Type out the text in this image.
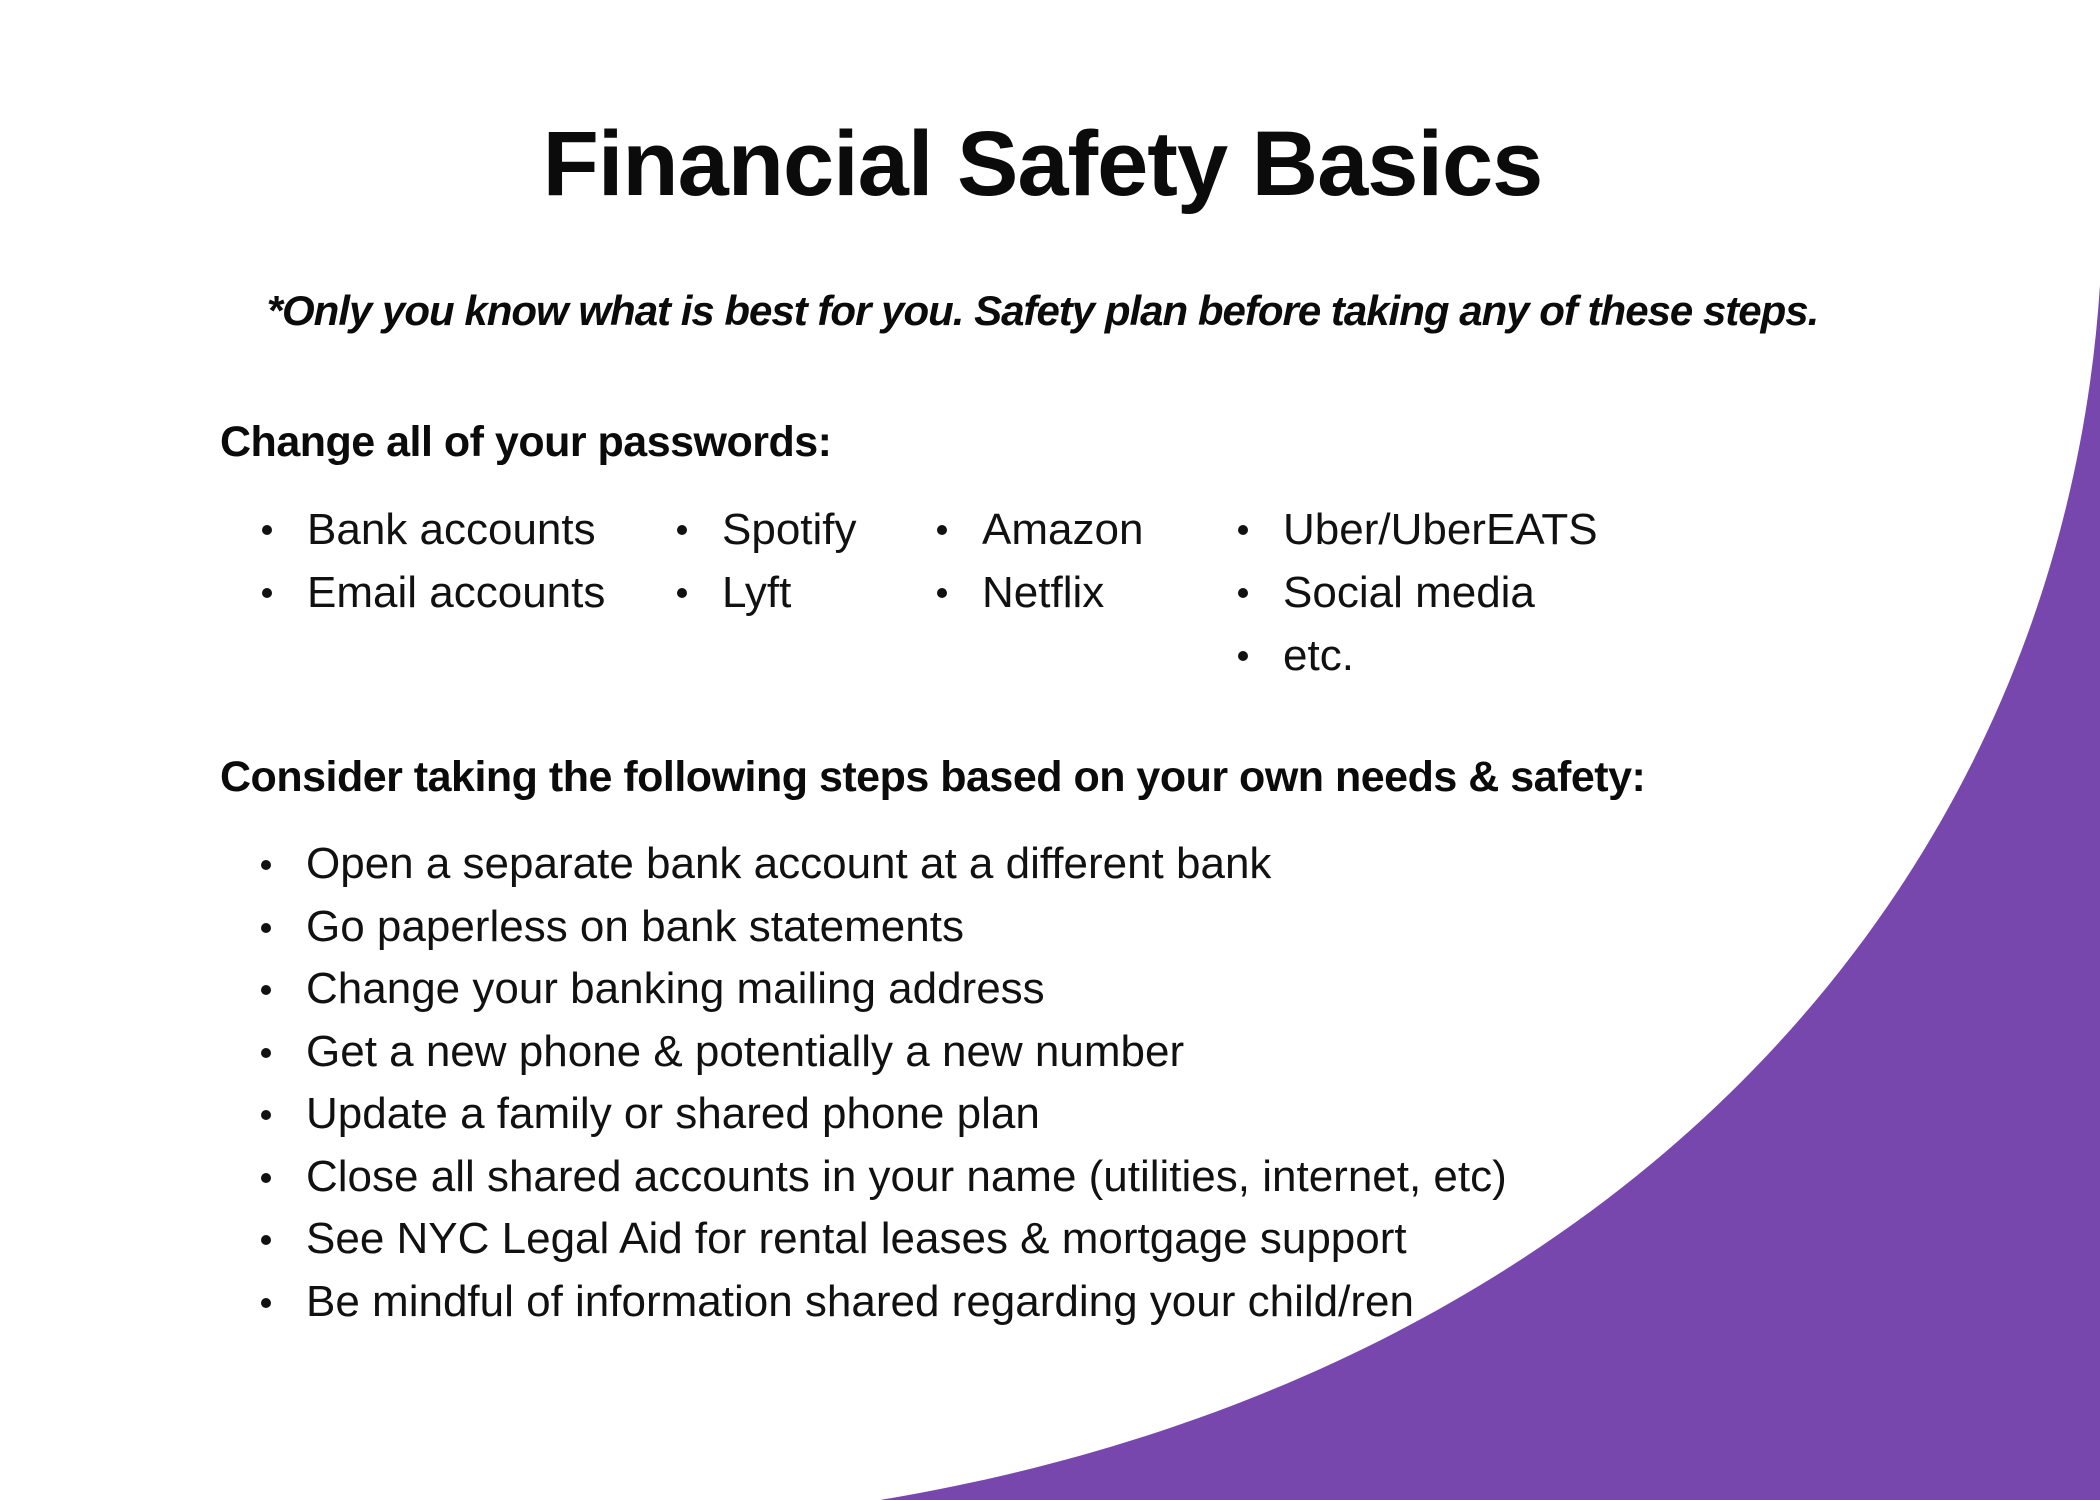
Financial Safety Basics

*Only you know what is best for you. Safety plan before taking any of these steps.

Change all of your passwords:
Bank accounts
Email accounts
Spotify
Lyft
Amazon
Netflix
Uber/UberEATS
Social media
etc.
Consider taking the following steps based on your own needs & safety:
Open a separate bank account at a different bank
Go paperless on bank statements
Change your banking mailing address
Get a new phone & potentially a new number
Update a family or shared phone plan
Close all shared accounts in your name (utilities, internet, etc)
See NYC Legal Aid for rental leases & mortgage support
Be mindful of information shared regarding your child/ren
